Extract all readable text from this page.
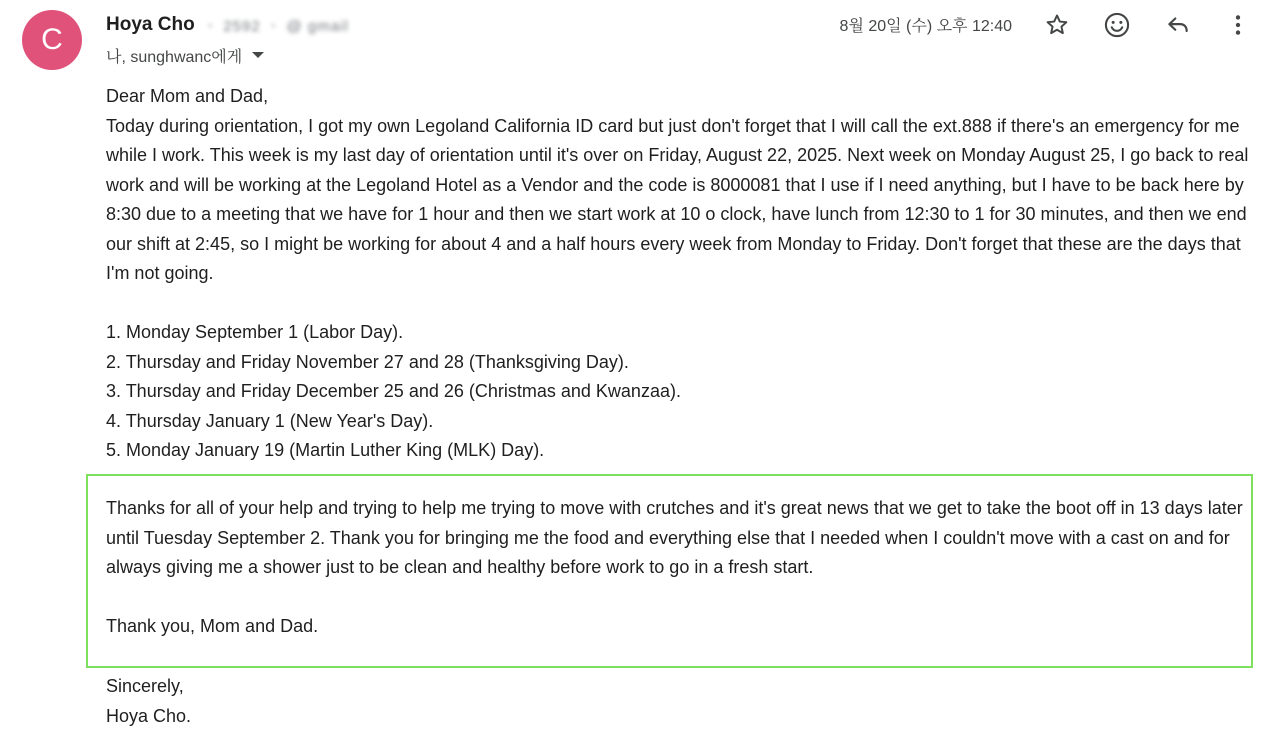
C	Hoya Cho ㆍ 2592 ㆍ @ gmail
나, sunghwanc에게
8월 20일 (수) 오후 12:40

Dear Mom and Dad,

Today during orientation, I got my own Legoland California ID card but just don't forget that I will call the ext.888 if there's an emergency for me while I work. This week is my last day of orientation until it's over on Friday, August 22, 2025. Next week on Monday August 25, I go back to real work and will be working at the Legoland Hotel as a Vendor and the code is 8000081 that I use if I need anything, but I have to be back here by 8:30 due to a meeting that we have for 1 hour and then we start work at 10 o clock, have lunch from 12:30 to 1 for 30 minutes, and then we end our shift at 2:45, so I might be working for about 4 and a half hours every week from Monday to Friday. Don't forget that these are the days that I'm not going.

1. Monday September 1 (Labor Day).

2. Thursday and Friday November 27 and 28 (Thanksgiving Day).

3. Thursday and Friday December 25 and 26 (Christmas and Kwanzaa).

4. Thursday January 1 (New Year's Day).

5. Monday January 19 (Martin Luther King (MLK) Day).

Thanks for all of your help and trying to help me trying to move with crutches and it's great news that we get to take the boot off in 13 days later until Tuesday September 2. Thank you for bringing me the food and everything else that I needed when I couldn't move with a cast on and for always giving me a shower just to be clean and healthy before work to go in a fresh start.

Thank you, Mom and Dad.

Sincerely,

Hoya Cho.
